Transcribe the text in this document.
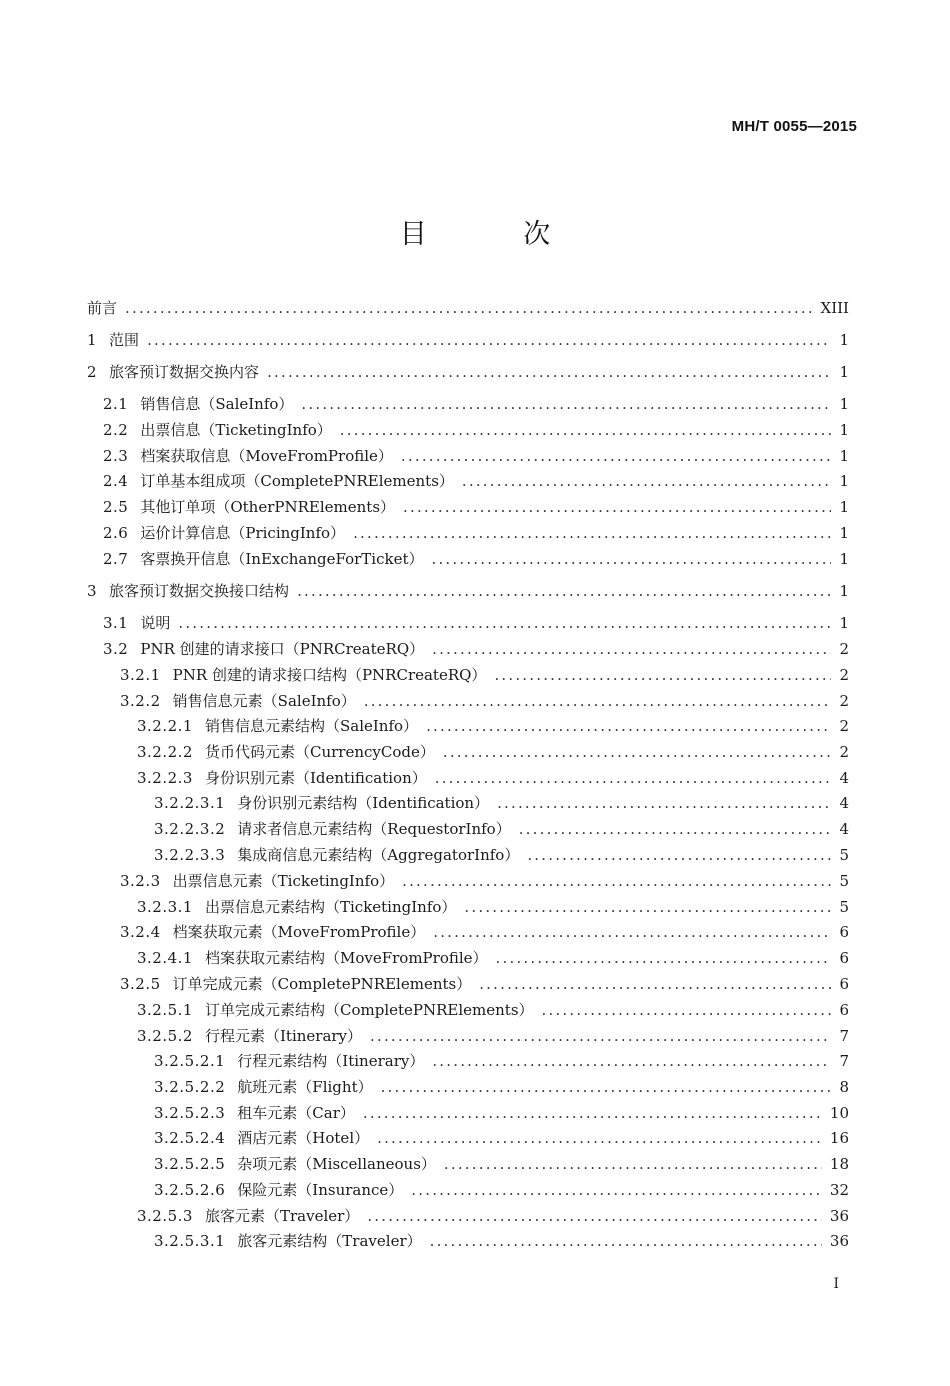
MH/T 0055—2015
目 次
前言 .....	XIII
1 范围 .....	1
2 旅客预订数据交换内容 .....	1
2.1 销售信息（SaleInfo） .....	1
2.2 出票信息（TicketingInfo） .....	1
2.3 档案获取信息（MoveFromProfile） .....	1
2.4 订单基本组成项（CompletePNRElements） .....	1
2.5 其他订单项（OtherPNRElements） .....	1
2.6 运价计算信息（PricingInfo） .....	1
2.7 客票换开信息（InExchangeForTicket） .....	1
3 旅客预订数据交换接口结构 .....	1
3.1 说明 .....	1
3.2 PNR 创建的请求接口（PNRCreateRQ） .....	2
3.2.1 PNR 创建的请求接口结构（PNRCreateRQ） .....	2
3.2.2 销售信息元素（SaleInfo） .....	2
3.2.2.1 销售信息元素结构（SaleInfo） .....	2
3.2.2.2 货币代码元素（CurrencyCode） .....	2
3.2.2.3 身份识别元素（Identification） .....	4
3.2.2.3.1 身份识别元素结构（Identification） .....	4
3.2.2.3.2 请求者信息元素结构（RequestorInfo） .....	4
3.2.2.3.3 集成商信息元素结构（AggregatorInfo） .....	5
3.2.3 出票信息元素（TicketingInfo） .....	5
3.2.3.1 出票信息元素结构（TicketingInfo） .....	5
3.2.4 档案获取元素（MoveFromProfile） .....	6
3.2.4.1 档案获取元素结构（MoveFromProfile） .....	6
3.2.5 订单完成元素（CompletePNRElements） .....	6
3.2.5.1 订单完成元素结构（CompletePNRElements） .....	6
3.2.5.2 行程元素（Itinerary） .....	7
3.2.5.2.1 行程元素结构（Itinerary） .....	7
3.2.5.2.2 航班元素（Flight） .....	8
3.2.5.2.3 租车元素（Car） .....	10
3.2.5.2.4 酒店元素（Hotel） .....	16
3.2.5.2.5 杂项元素（Miscellaneous） .....	18
3.2.5.2.6 保险元素（Insurance） .....	32
3.2.5.3 旅客元素（Traveler） .....	36
3.2.5.3.1 旅客元素结构（Traveler） .....	36
I
